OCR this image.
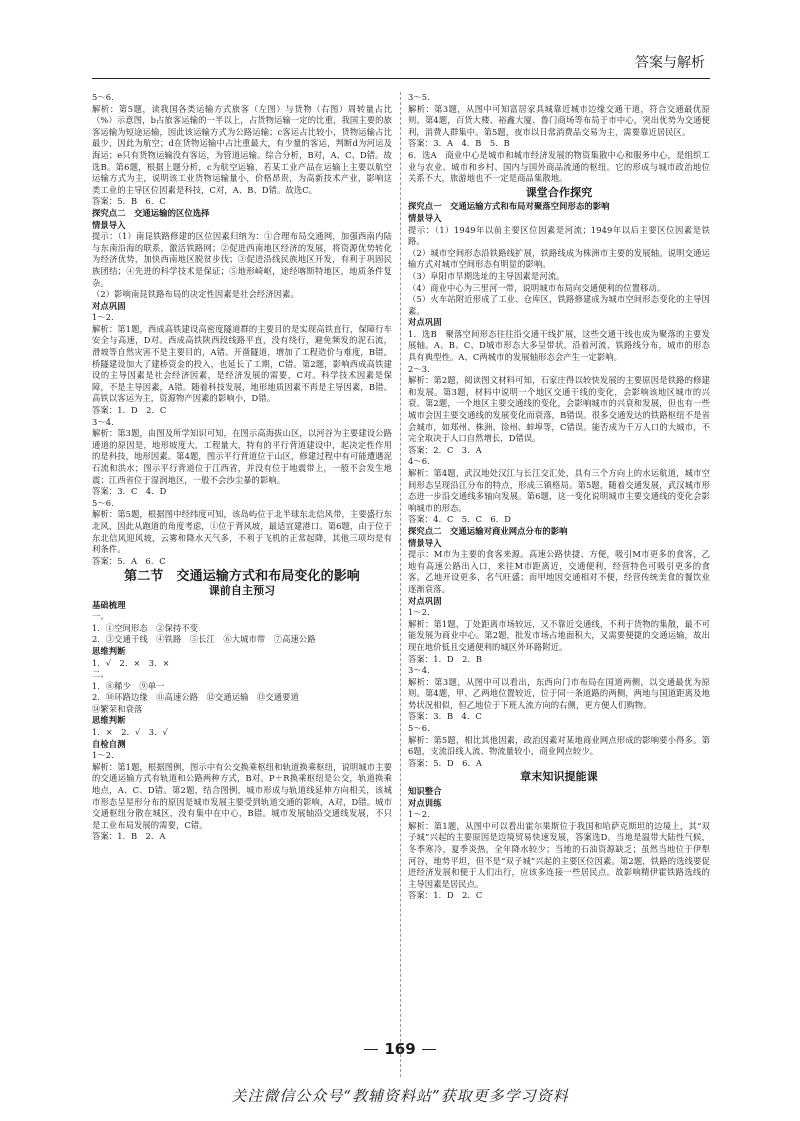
答案与解析

5～6.

解析：第5题，读我国各类运输方式旅客（左图）与货物（右图）周转量占比（%）示意图，b占旅客运输的一半以上，占货物运输一定的比重，我国主要的旅客运输为短途运输，因此该运输方式为公路运输；c客运占比较小，货物运输占比最少，因此为航空；d在货物运输中占比重最大，有少量的客运，判断d为河运及海运；e只有货物运输没有客运，为管道运输。综合分析，B对，A、C、D错。故选B。第6题，根据上题分析，c为航空运输，若某工业产品在运输上主要以航空运输方式为主，说明该工业货物运输量小，价格昂贵，为高新技术产业，影响这类工业的主导区位因素是科技，C对，A、B、D错。故选C。

答案：5．B　6．C

探究点二　交通运输的区位选择

情景导入

提示：（1）南昆铁路修建的区位因素归纳为：①合理布局交通网，加强西南内陆与东南沿海的联系，激活铁路网；②促进西南地区经济的发展，将资源优势转化为经济优势，加快西南地区脱贫步伐；③促进沿线民族地区开发，有利于巩固民族团结；④先进的科学技术是保证；⑤地形崎岖，途经喀斯特地区，地质条件复杂。

（2）影响南昆铁路布局的决定性因素是社会经济因素。

对点巩固

1～2.

解析：第1题，西成高铁建设高密度隧道群的主要目的是实现高铁直行，保障行车安全与高速，D对。西成高铁陕西段线路平直，没有绕行，避免频发的泥石流，滑坡等自然灾害不是主要目的，A错。开凿隧道，增加了工程造价与难度，B错。桥隧建设加大了建桥资金的投入，也延长了工期，C错。第2题，影响西成高铁建设的主导因素是社会经济因素，是经济发展的需要，C对。科学技术因素是保障，不是主导因素，A错。随着科技发展，地形地质因素不再是主导因素，B错。高铁以客运为主，资源物产因素的影响小，D错。

答案：1．D　2．C

3～4.

解析：第3题，由图及所学知识可知，在图示高海拔山区，以河谷为主要建设公路通道的原因是，地形坡度大，工程量大，特有的平行背道建设中，起决定性作用的是科技，地形因素。第4题，图示平行背道位于山区，修建过程中有可能遭遇泥石流和洪水；图示平行背道位于江西省，并没有位于地震带上，一般不会发生地震；江西省位于湿润地区，一般不会沙尘暴的影响。

答案：3．C　4．D

5～6.

解析：第5题，根据图中经纬度可知，该岛屿位于北半球东北信风带，主要盛行东北风，因此从跑道的角度考虑，①位于背风坡，最适宜建港口。第6题，由于位于东北信风迎风坡，云雾和降水天气多，不利于飞机的正常起降，其他三项均是有利条件。

答案：5．A　6．C

第二节　交通运输方式和布局变化的影响

课前自主预习

基础梳理

一、

1．①空间形态　②保持不变

2．③交通干线　④铁路　⑤长江　⑥大城市带　⑦高速公路

思维判断

1．√　2．×　3．×

二、

1．⑧稀少　⑨单一

2．⑩环路边缘　⑪高速公路　⑫交通运输　⑬交通要道

⑭繁荣和衰落

思维判断

1．×　2．√　3．√

自检自测

1～2.

解析：第1题，根据图例，图示中有公交换乘枢纽和轨道换乘枢纽，说明城市主要的交通运输方式有轨道和公路两种方式，B对。P＋R换乘枢纽是公交，轨道换乘地点，A、C、D错。第2题，结合图例，城市形成与轨道线延伸方向相关，该城市形态呈星形分布的原因是城市发展主要受到轨道交通的影响，A对，D错。城市交通枢纽分散在城区，没有集中在中心，B错。城市发展轴沿交通线发展，不只是工业布局发展的需要，C错。

答案：1．B　2．A

3～5.

解析：第3题，从图中可知富居家具城靠近城市边缘交通干道，符合交通最优原则。第4题，百货大楼、裕鑫大厦、鲁门商场等布局于市中心，突出优势为交通便利，消费人群集中。第5题，夜市以日常消费品交易为主，需要靠近居民区。

答案：3．A　4．B　5．B

6．选A　商业中心是城市和城市经济发展的物资集散中心和服务中心，是组织工业与农业、城市和乡村、国内与国外商品流通的枢纽。它的形成与城市政治地位关系不大，旅游地也不一定是商品集散地。

课堂合作探究

探究点一　交通运输方式和布局对聚落空间形态的影响

情景导入

提示：（1）1949年以前主要区位因素是河流；1949年以后主要区位因素是铁路。

（2）城市空间形态沿铁路线扩展，铁路线成为株洲市主要的发展轴。说明交通运输方式对城市空间形态有明显的影响。

（3）阜阳市早期选址的主导因素是河流。

（4）商业中心为三里河一带，说明城市布局向交通便利的位置移动。

（5）火车站附近形成了工业、仓库区，铁路修建成为城市空间形态变化的主导因素。

对点巩固

1．选B　聚落空间形态往往沿交通干线扩展，这些交通干线也成为聚落的主要发展轴。A、B、C、D城市形态大多呈带状，沿着河流、铁路线分布，城市的形态具有典型性。A、C两城市的发展轴形态会产生一定影响。

2～3.

解析：第2题，阅读图文材料可知，石家庄得以较快发展的主要原因是铁路的修建和发展。第3题，材料中说明一个地区交通干线的变化，会影响该地区城市的兴衰。第2题，一个地区主要交通线的变化，会影响城市的兴衰和发展，但也有一些城市会因主要交通线的发展变化而衰落，B错误。很多交通发达的铁路枢纽不是省会城市，如郑州、株洲、徐州、蚌埠等，C错误。能否成为千万人口的大城市，不完全取决于人口自然增长，D错误。

答案：2．C　3．A

4～6.

解析：第4题，武汉地处汉江与长江交汇处，具有三个方向上的水运航道，城市空间形态呈现沿江分布的特点，形成三镇格局。第5题，随着交通发展，武汉城市形态进一步沿交通线多轴向发展。第6题，这一变化说明城市主要交通线的变化会影响城市的形态。

答案：4．C　5．C　6．D

探究点二　交通运输对商业网点分布的影响

情景导入

提示：M市为主要的食客来源。高速公路快捷、方便，吸引M市更多的食客，乙地有高速公路出入口，来往M市距离近，交通便利，经营特色可吸引更多的食客。乙地开设更多，名气旺盛；而甲地因交通相对不便，经营传统美食的餐饮业逐渐衰落。

对点巩固

1～2.

解析：第1题，丁处距离市场较远，又不靠近交通线，不利于货物的集散，最不可能发展为商业中心。第2题，批发市场占地面积大，又需要便捷的交通运输，故出现在地价低且交通便利的城区外环路附近。

答案：1．D　2．B

3～4.

解析：第3题，从图中可以看出，东西向门市布局在国道两侧，以交通最优为原则。第4题，甲、乙两地位置较近，位于同一条道路的两侧，两地与国道距离及地势状况相似，但乙地位于下班人流方向的右侧，更方便人们购物。

答案：3．B　4．C

5～6.

解析：第5题，相比其他因素，政治因素对某地商业网点形成的影响要小得多。第6题，支流沿线人流、物流量较小，商业网点较少。

答案：5．D　6．A

章末知识提能课

知识整合

对点训练

1～2.

解析：第1题，从图中可以看出霍尔果斯位于我国和哈萨克斯坦的边境上，其“双子城”兴起的主要原因是边境贸易快速发展，答案选D。当地是温带大陆性气候，冬季寒冷，夏季炎热，全年降水较少；当地的石油资源缺乏；虽然当地位于伊犁河谷，地势平坦，但不是“双子城”兴起的主要区位因素。第2题，铁路的选线要促进经济发展和便于人们出行，应该多连接一些居民点。故影响精伊霍铁路选线的主导因素是居民点。

答案：1．D　2．C

169
关注微信公众号“教辅资料站”获取更多学习资料
